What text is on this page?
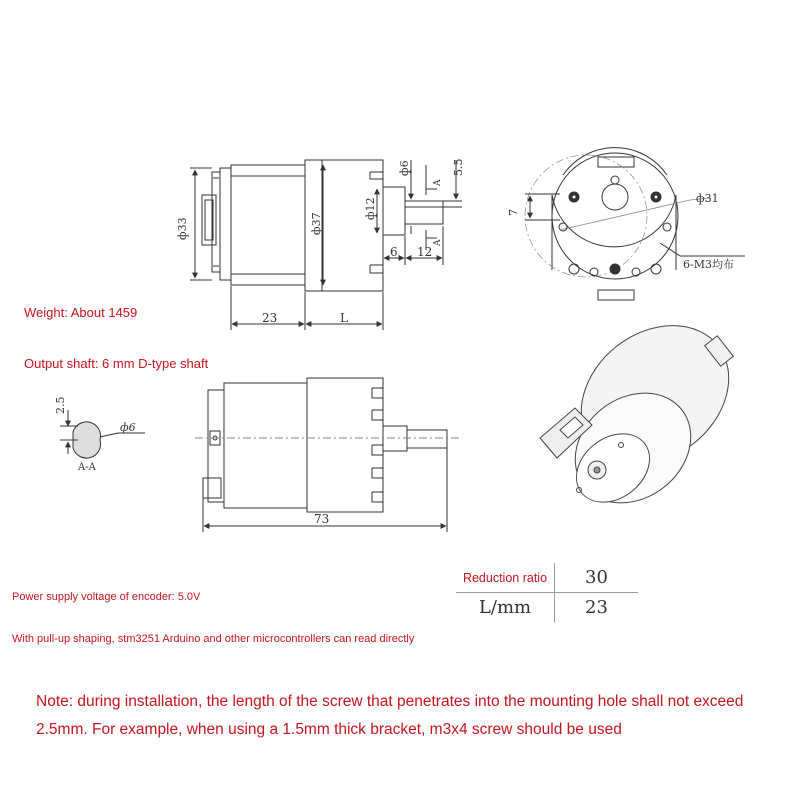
ф33	ф37
ф12
ф6	5.5
A
A
6 12
23	L
7
ф31
6-M3均布
2.5
ф6
A-A
73
Weight: About 1459
Output shaft: 6 mm D-type shaft
Power supply voltage of encoder: 5.0V
With pull-up shaping, stm3251 Arduino and other microcontrollers can read directly
Reduction ratio	30
L/mm	23
Note: during installation, the length of the screw that penetrates into the mounting hole shall not exceed 2.5mm. For example, when using a 1.5mm thick bracket, m3x4 screw should be used
